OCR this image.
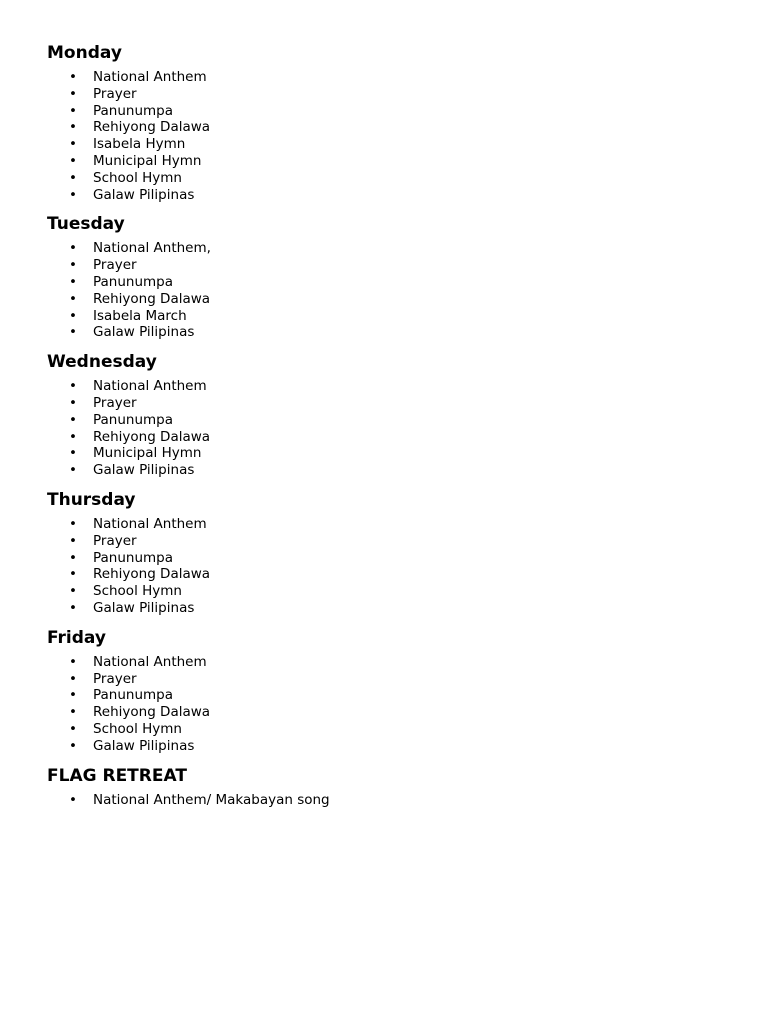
Monday
• National Anthem
• Prayer
• Panunumpa
• Rehiyong Dalawa
• Isabela Hymn
• Municipal Hymn
• School Hymn
• Galaw Pilipinas
Tuesday
• National Anthem,
• Prayer
• Panunumpa
• Rehiyong Dalawa
• Isabela March
• Galaw Pilipinas
Wednesday
• National Anthem
• Prayer
• Panunumpa
• Rehiyong Dalawa
• Municipal Hymn
• Galaw Pilipinas
Thursday
• National Anthem
• Prayer
• Panunumpa
• Rehiyong Dalawa
• School Hymn
• Galaw Pilipinas
Friday
• National Anthem
• Prayer
• Panunumpa
• Rehiyong Dalawa
• School Hymn
• Galaw Pilipinas
FLAG RETREAT
• National Anthem/ Makabayan song
